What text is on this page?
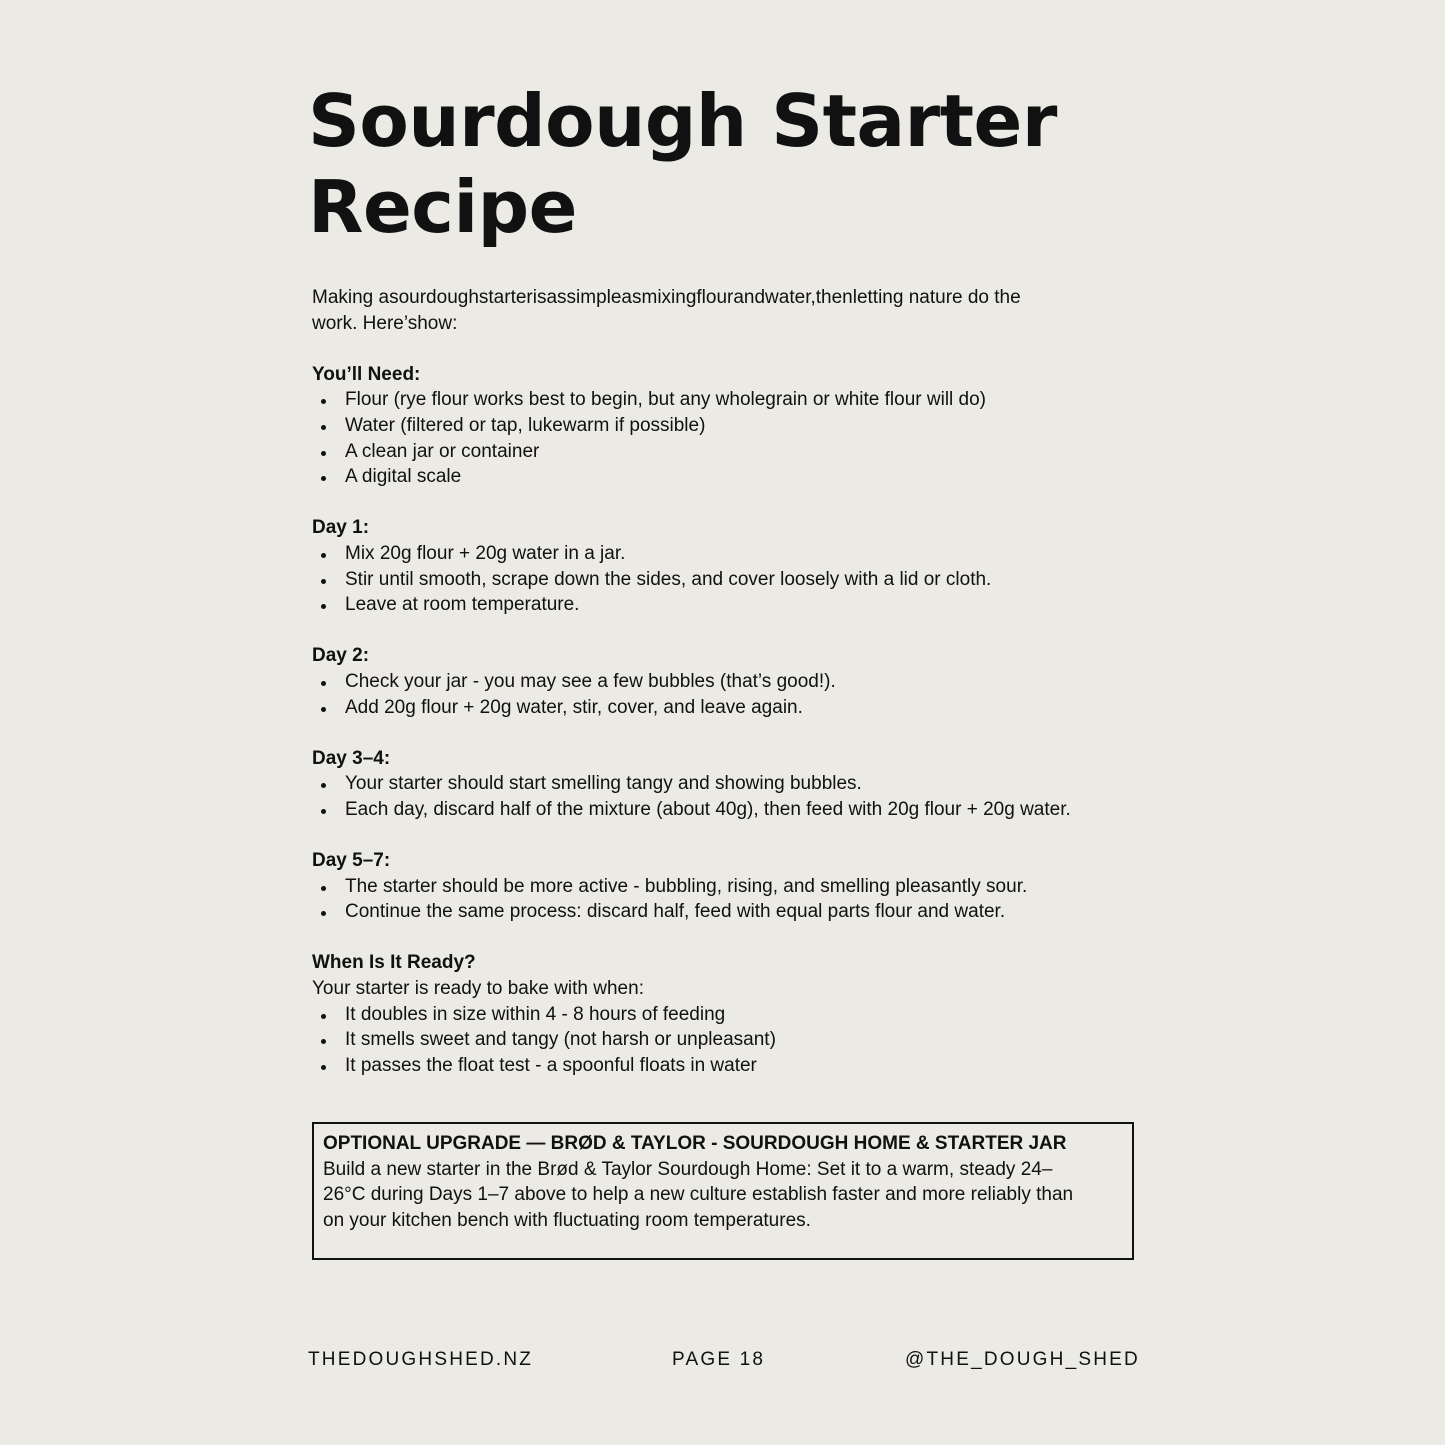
Sourdough Starter
Recipe

Making asourdoughstarterisassimpleasmixingflourandwater,thenletting nature do the
work. Here’show:

You’ll Need:
Flour (rye flour works best to begin, but any wholegrain or white flour will do)
Water (filtered or tap, lukewarm if possible)
A clean jar or container
A digital scale
Day 1:
Mix 20g flour + 20g water in a jar.
Stir until smooth, scrape down the sides, and cover loosely with a lid or cloth.
Leave at room temperature.
Day 2:
Check your jar - you may see a few bubbles (that’s good!).
Add 20g flour + 20g water, stir, cover, and leave again.
Day 3–4:
Your starter should start smelling tangy and showing bubbles.
Each day, discard half of the mixture (about 40g), then feed with 20g flour + 20g water.
Day 5–7:
The starter should be more active - bubbling, rising, and smelling pleasantly sour.
Continue the same process: discard half, feed with equal parts flour and water.
When Is It Ready?

Your starter is ready to bake with when:

It doubles in size within 4 - 8 hours of feeding
It smells sweet and tangy (not harsh or unpleasant)
It passes the float test - a spoonful floats in water
OPTIONAL UPGRADE — BRØD & TAYLOR - SOURDOUGH HOME & STARTER JAR
Build a new starter in the Brød & Taylor Sourdough Home: Set it to a warm, steady 24–
26°C during Days 1–7 above to help a new culture establish faster and more reliably than
on your kitchen bench with fluctuating room temperatures.
THEDOUGHSHED.NZ	PAGE 18	@THE_DOUGH_SHED
